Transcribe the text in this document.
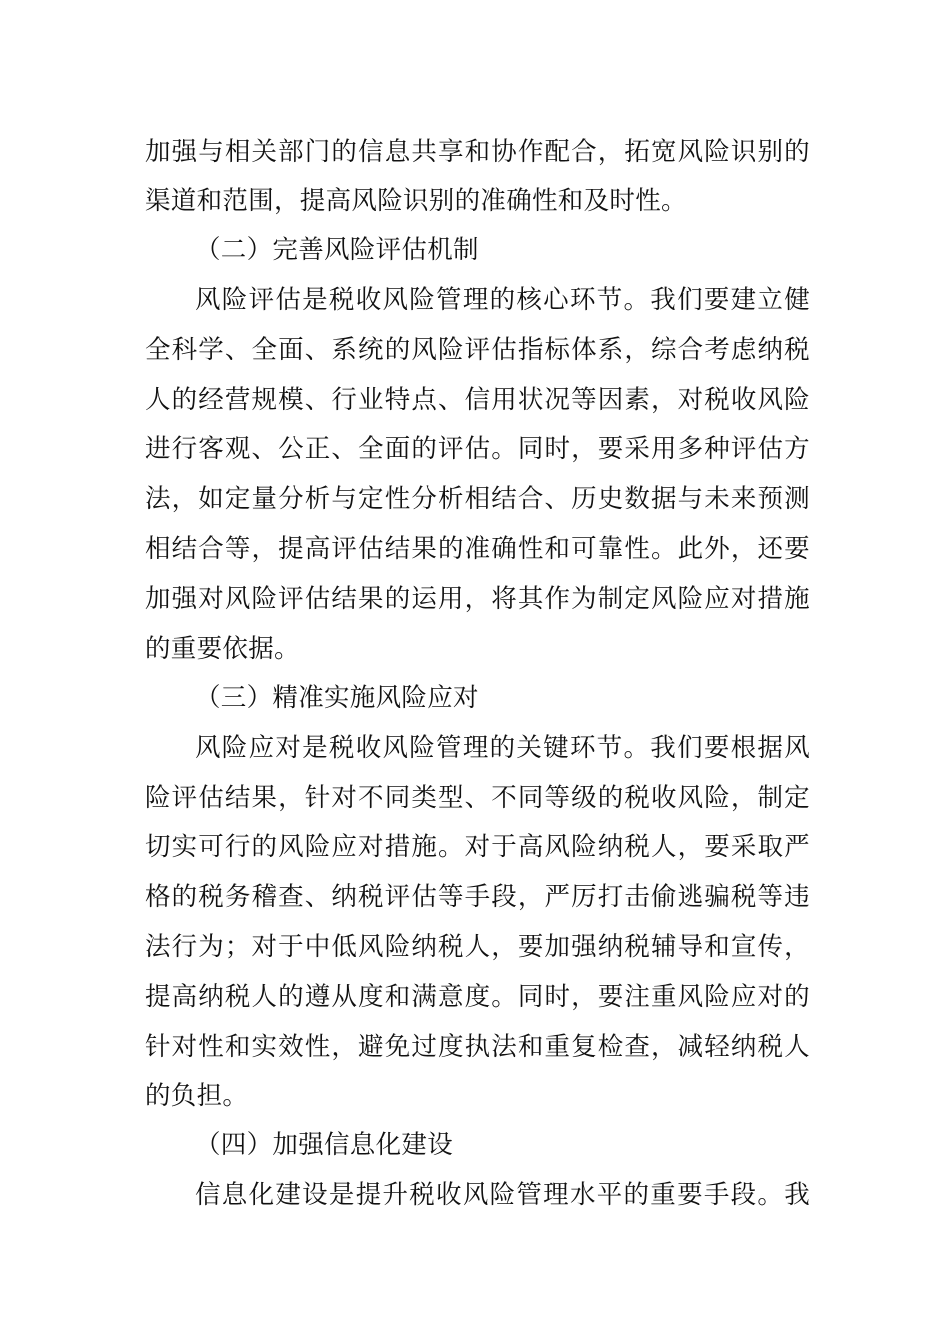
加强与相关部门的信息共享和协作配合，拓宽风险识别的
渠道和范围，提高风险识别的准确性和及时性。
（二）完善风险评估机制
风险评估是税收风险管理的核心环节。我们要建立健
全科学、全面、系统的风险评估指标体系，综合考虑纳税
人的经营规模、行业特点、信用状况等因素，对税收风险
进行客观、公正、全面的评估。同时，要采用多种评估方
法，如定量分析与定性分析相结合、历史数据与未来预测
相结合等，提高评估结果的准确性和可靠性。此外，还要
加强对风险评估结果的运用，将其作为制定风险应对措施
的重要依据。
（三）精准实施风险应对
风险应对是税收风险管理的关键环节。我们要根据风
险评估结果，针对不同类型、不同等级的税收风险，制定
切实可行的风险应对措施。对于高风险纳税人，要采取严
格的税务稽查、纳税评估等手段，严厉打击偷逃骗税等违
法行为；对于中低风险纳税人，要加强纳税辅导和宣传，
提高纳税人的遵从度和满意度。同时，要注重风险应对的
针对性和实效性，避免过度执法和重复检查，减轻纳税人
的负担。
（四）加强信息化建设
信息化建设是提升税收风险管理水平的重要手段。我
